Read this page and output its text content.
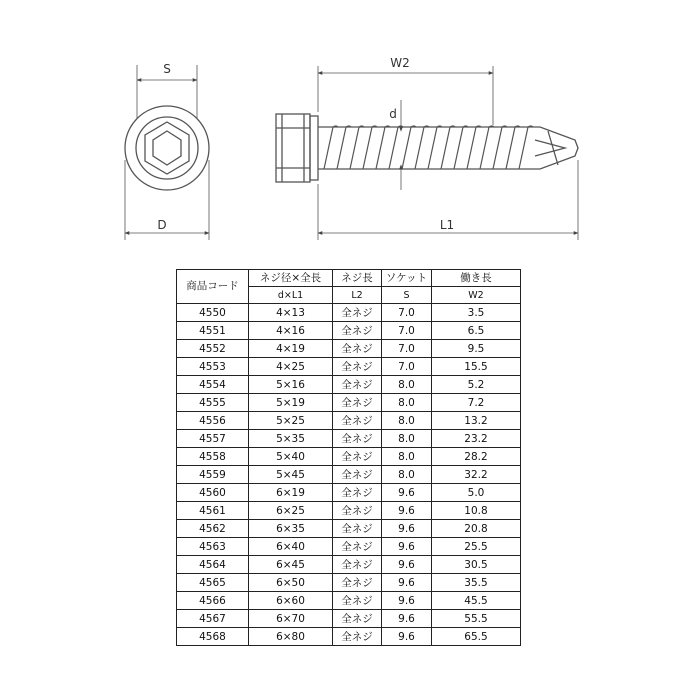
S
D
W2
d
L1
商品コード	ネジ径×全長	ネジ長	ソケット	働き長
	d×L1	L2	S	W2
4550	4×13	全ネジ	7.0	3.5
4551	4×16	全ネジ	7.0	6.5
4552	4×19	全ネジ	7.0	9.5
4553	4×25	全ネジ	7.0	15.5
4554	5×16	全ネジ	8.0	5.2
4555	5×19	全ネジ	8.0	7.2
4556	5×25	全ネジ	8.0	13.2
4557	5×35	全ネジ	8.0	23.2
4558	5×40	全ネジ	8.0	28.2
4559	5×45	全ネジ	8.0	32.2
4560	6×19	全ネジ	9.6	5.0
4561	6×25	全ネジ	9.6	10.8
4562	6×35	全ネジ	9.6	20.8
4563	6×40	全ネジ	9.6	25.5
4564	6×45	全ネジ	9.6	30.5
4565	6×50	全ネジ	9.6	35.5
4566	6×60	全ネジ	9.6	45.5
4567	6×70	全ネジ	9.6	55.5
4568	6×80	全ネジ	9.6	65.5
